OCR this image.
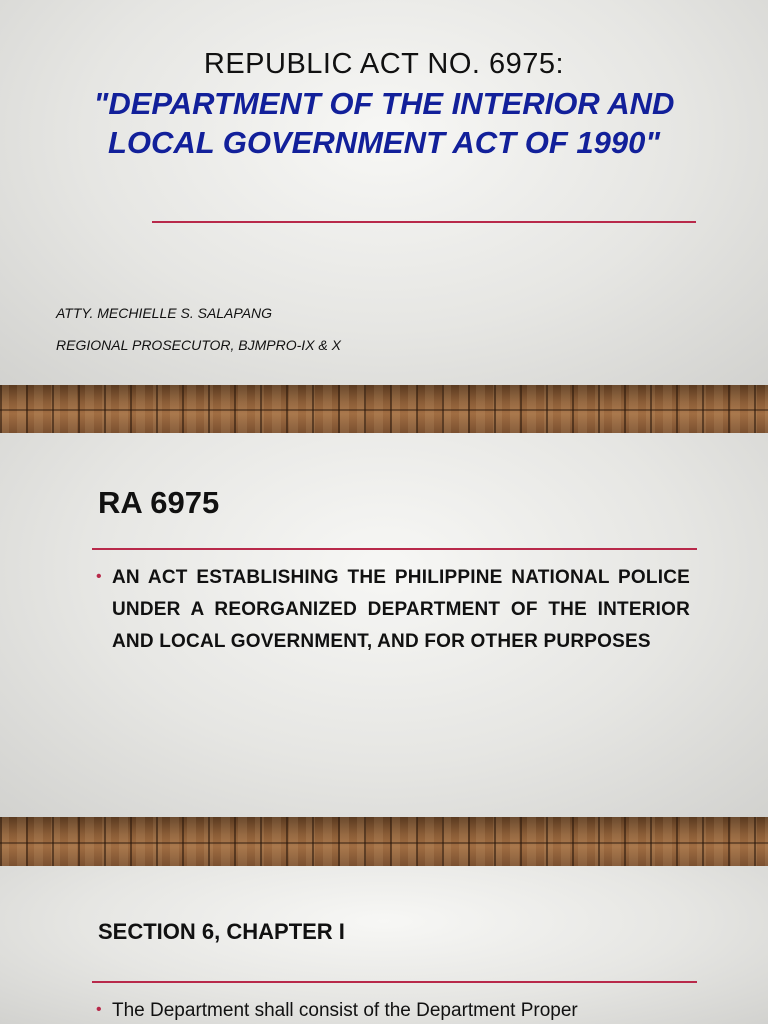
REPUBLIC ACT NO. 6975:
"DEPARTMENT OF THE INTERIOR AND LOCAL GOVERNMENT ACT OF 1990"
ATTY. MECHIELLE S. SALAPANG
REGIONAL PROSECUTOR, BJMPRO-IX & X
RA 6975
• AN ACT ESTABLISHING THE PHILIPPINE NATIONAL POLICE UNDER A REORGANIZED DEPARTMENT OF THE INTERIOR AND LOCAL GOVERNMENT, AND FOR OTHER PURPOSES
SECTION 6, CHAPTER I
• The Department shall consist of the Department Proper
